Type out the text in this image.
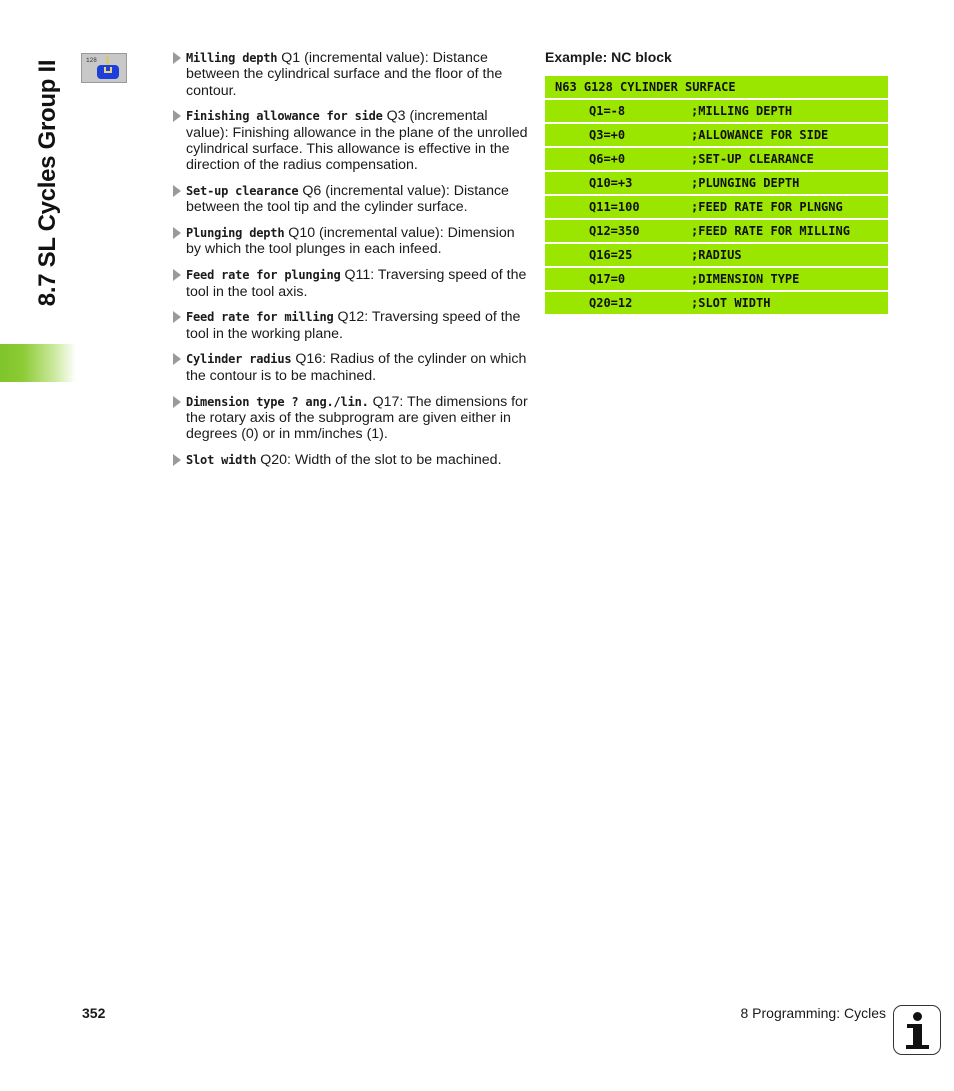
8.7 SL Cycles Group II	128	Milling depth Q1 (incremental value): Distance between the cylindrical surface and the floor of the contour.
Finishing allowance for side Q3 (incremental value): Finishing allowance in the plane of the unrolled cylindrical surface. This allowance is effective in the direction of the radius compensation.
Set-up clearance Q6 (incremental value): Distance between the tool tip and the cylinder surface.
Plunging depth Q10 (incremental value): Dimension by which the tool plunges in each infeed.
Feed rate for plunging Q11: Traversing speed of the tool in the tool axis.
Feed rate for milling Q12: Traversing speed of the tool in the working plane.
Cylinder radius Q16: Radius of the cylinder on which the contour is to be machined.
Dimension type ? ang./lin. Q17: The dimensions for the rotary axis of the subprogram are given either in degrees (0) or in mm/inches (1).
Slot width Q20: Width of the slot to be machined.
Example: NC block
N63 G128 CYLINDER SURFACE
Q1=-8	;MILLING DEPTH
Q3=+0	;ALLOWANCE FOR SIDE
Q6=+0	;SET-UP CLEARANCE
Q10=+3	;PLUNGING DEPTH
Q11=100	;FEED RATE FOR PLNGNG
Q12=350	;FEED RATE FOR MILLING
Q16=25	;RADIUS
Q17=0	;DIMENSION TYPE
Q20=12	;SLOT WIDTH
352	8 Programming: Cycles
